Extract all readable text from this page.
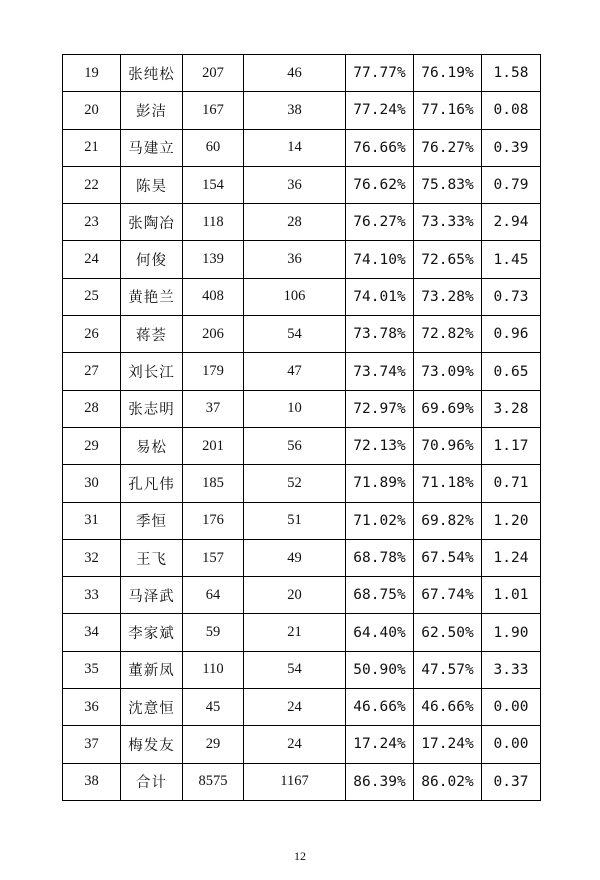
19	张纯松	207	46	77.77%	76.19%	1.58
20	彭洁	167	38	77.24%	77.16%	0.08
21	马建立	60	14	76.66%	76.27%	0.39
22	陈昊	154	36	76.62%	75.83%	0.79
23	张陶冶	118	28	76.27%	73.33%	2.94
24	何俊	139	36	74.10%	72.65%	1.45
25	黄艳兰	408	106	74.01%	73.28%	0.73
26	蒋荟	206	54	73.78%	72.82%	0.96
27	刘长江	179	47	73.74%	73.09%	0.65
28	张志明	37	10	72.97%	69.69%	3.28
29	易松	201	56	72.13%	70.96%	1.17
30	孔凡伟	185	52	71.89%	71.18%	0.71
31	季恒	176	51	71.02%	69.82%	1.20
32	王飞	157	49	68.78%	67.54%	1.24
33	马泽武	64	20	68.75%	67.74%	1.01
34	李家斌	59	21	64.40%	62.50%	1.90
35	董新凤	110	54	50.90%	47.57%	3.33
36	沈意恒	45	24	46.66%	46.66%	0.00
37	梅发友	29	24	17.24%	17.24%	0.00
38	合计	8575	1167	86.39%	86.02%	0.37
12
